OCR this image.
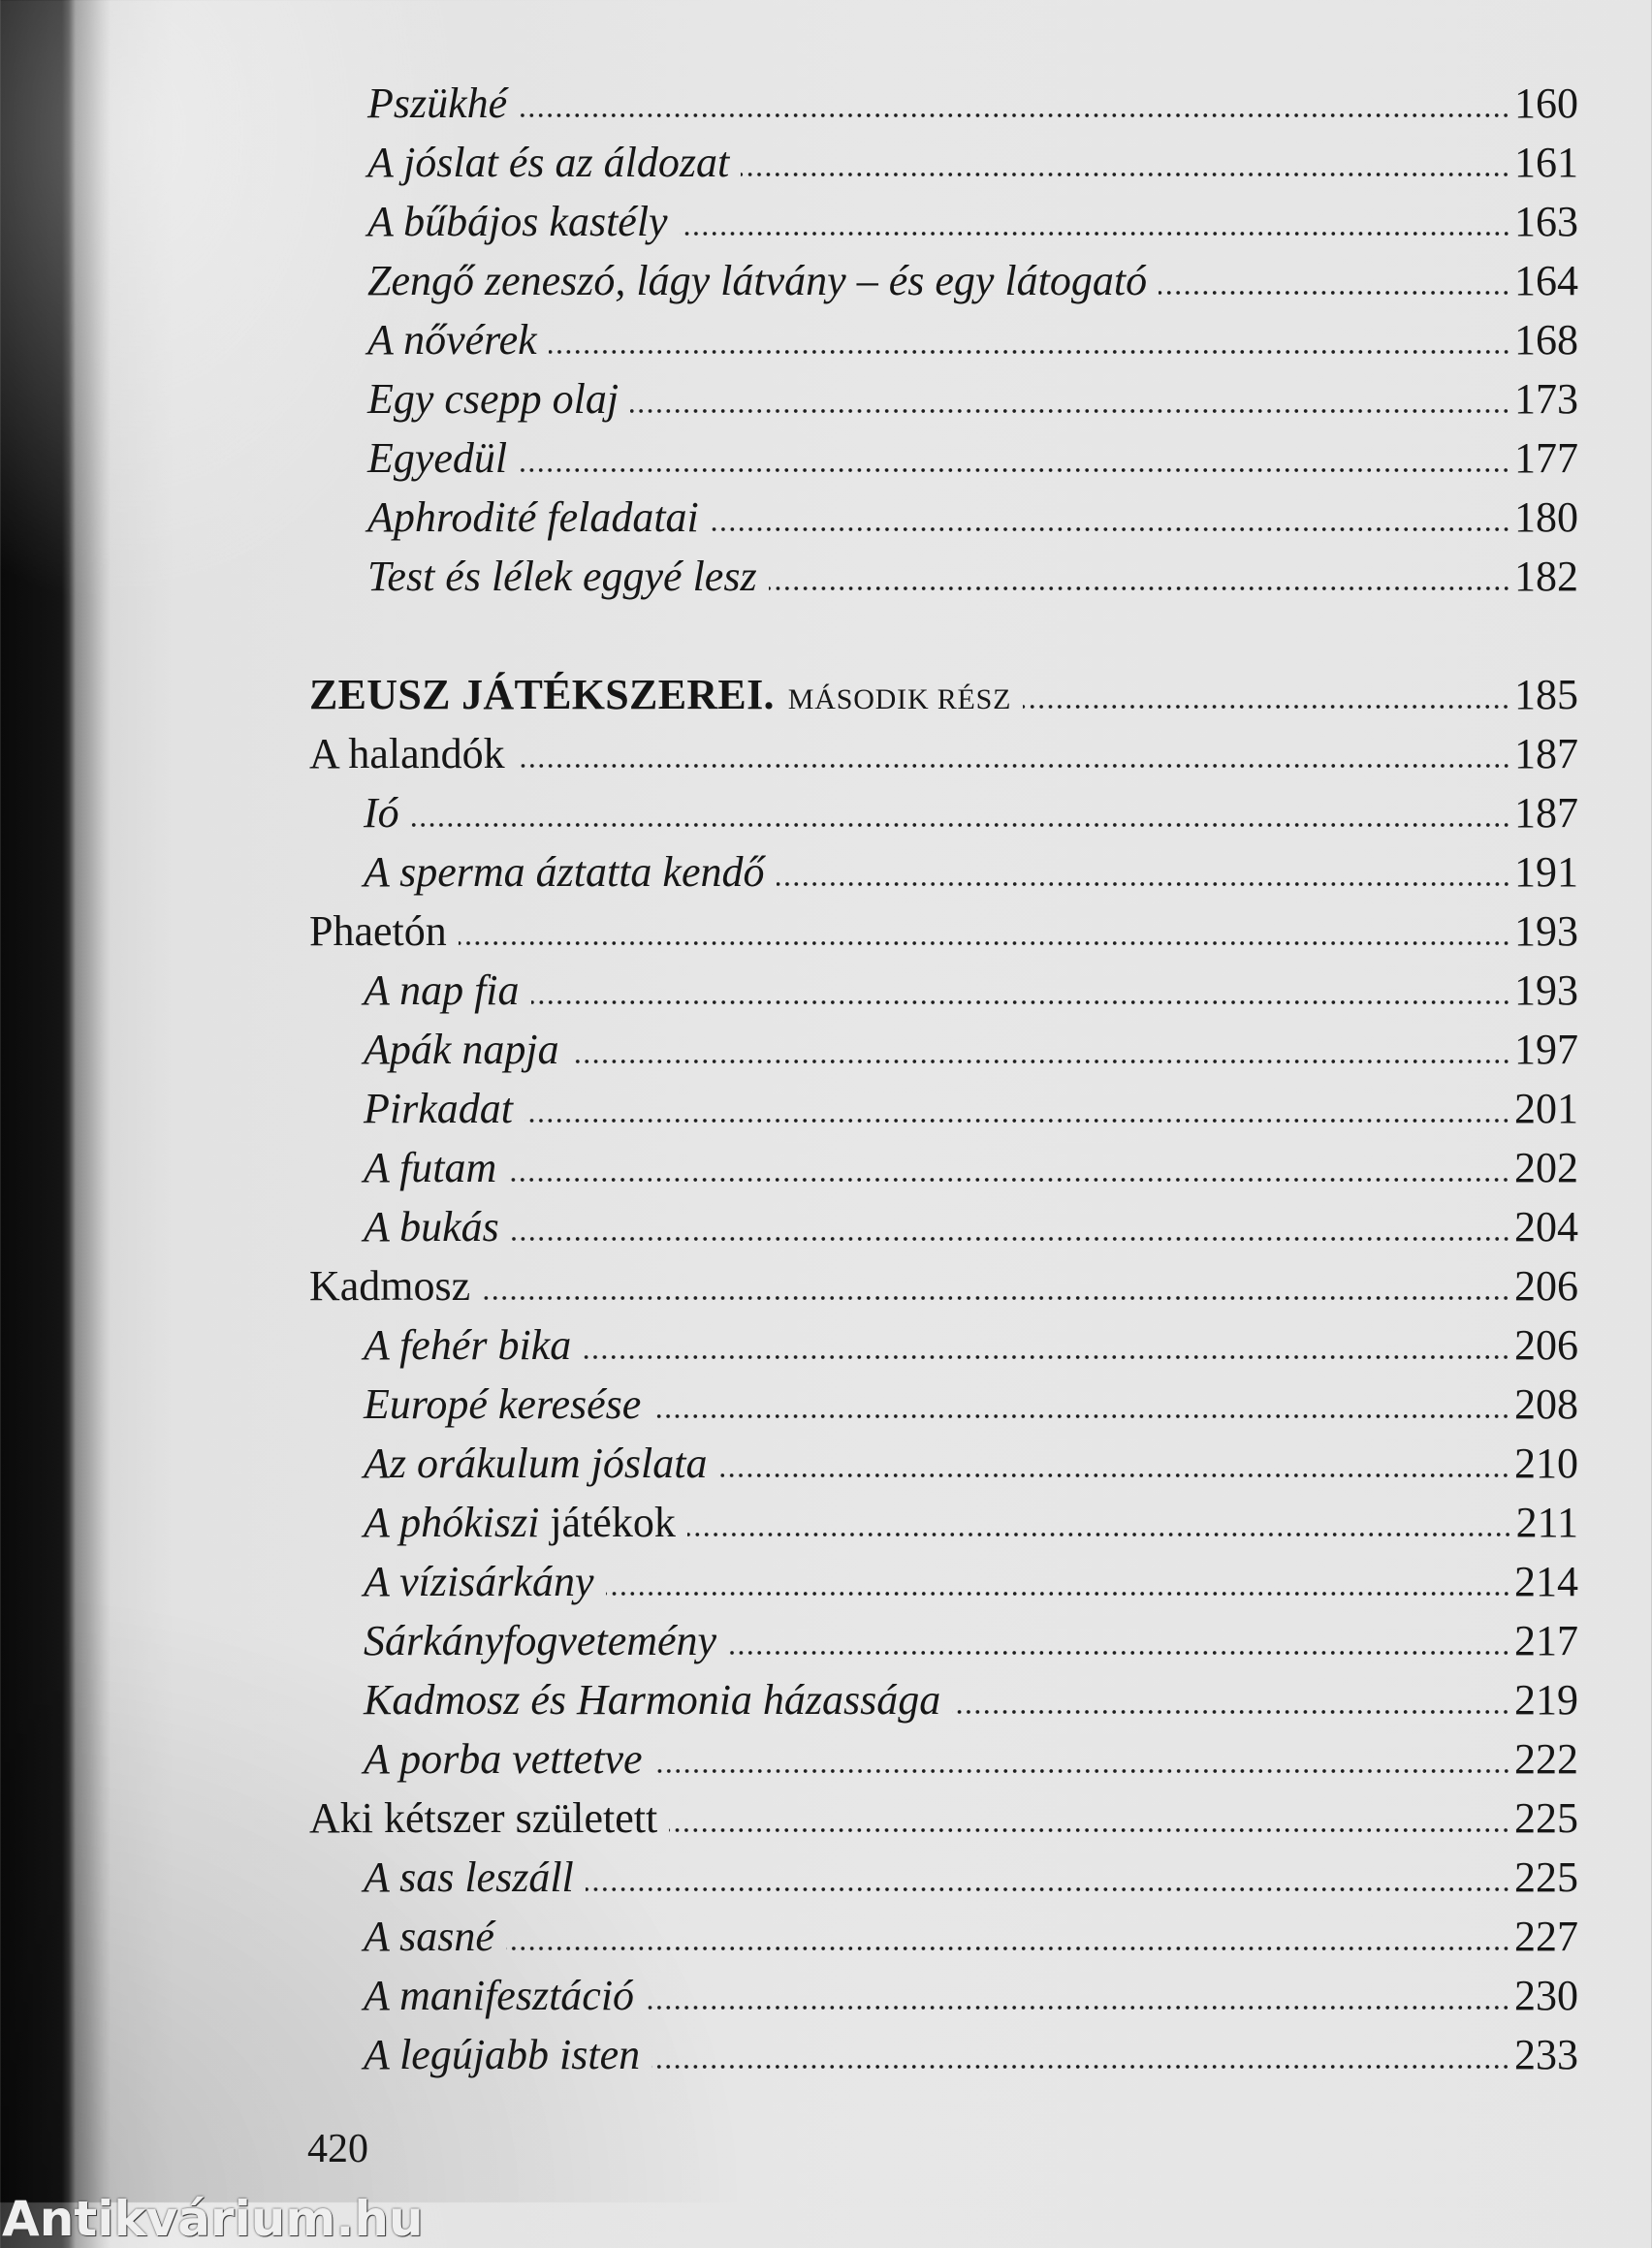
Pszükhé	160
A jóslat és az áldozat	161
A bűbájos kastély	163
Zengő zeneszó, lágy látvány – és egy látogató	164
A nővérek	168
Egy csepp olaj	173
Egyedül	177
Aphrodité feladatai	180
Test és lélek eggyé lesz	182
ZEUSZ JÁTÉKSZEREI. MÁSODIK RÉSZ	185
A halandók	187
Ió	187
A sperma áztatta kendő	191
Phaetón	193
A nap fia	193
Apák napja	197
Pirkadat	201
A futam	202
A bukás	204
Kadmosz	206
A fehér bika	206
Europé keresése	208
Az orákulum jóslata	210
A phókiszi játékok	211
A vízisárkány	214
Sárkányfogvetemény	217
Kadmosz és Harmonia házassága	219
A porba vettetve	222
Aki kétszer született	225
A sas leszáll	225
A sasné	227
A manifesztáció	230
A legújabb isten	233
420
Antikvárium.hu
